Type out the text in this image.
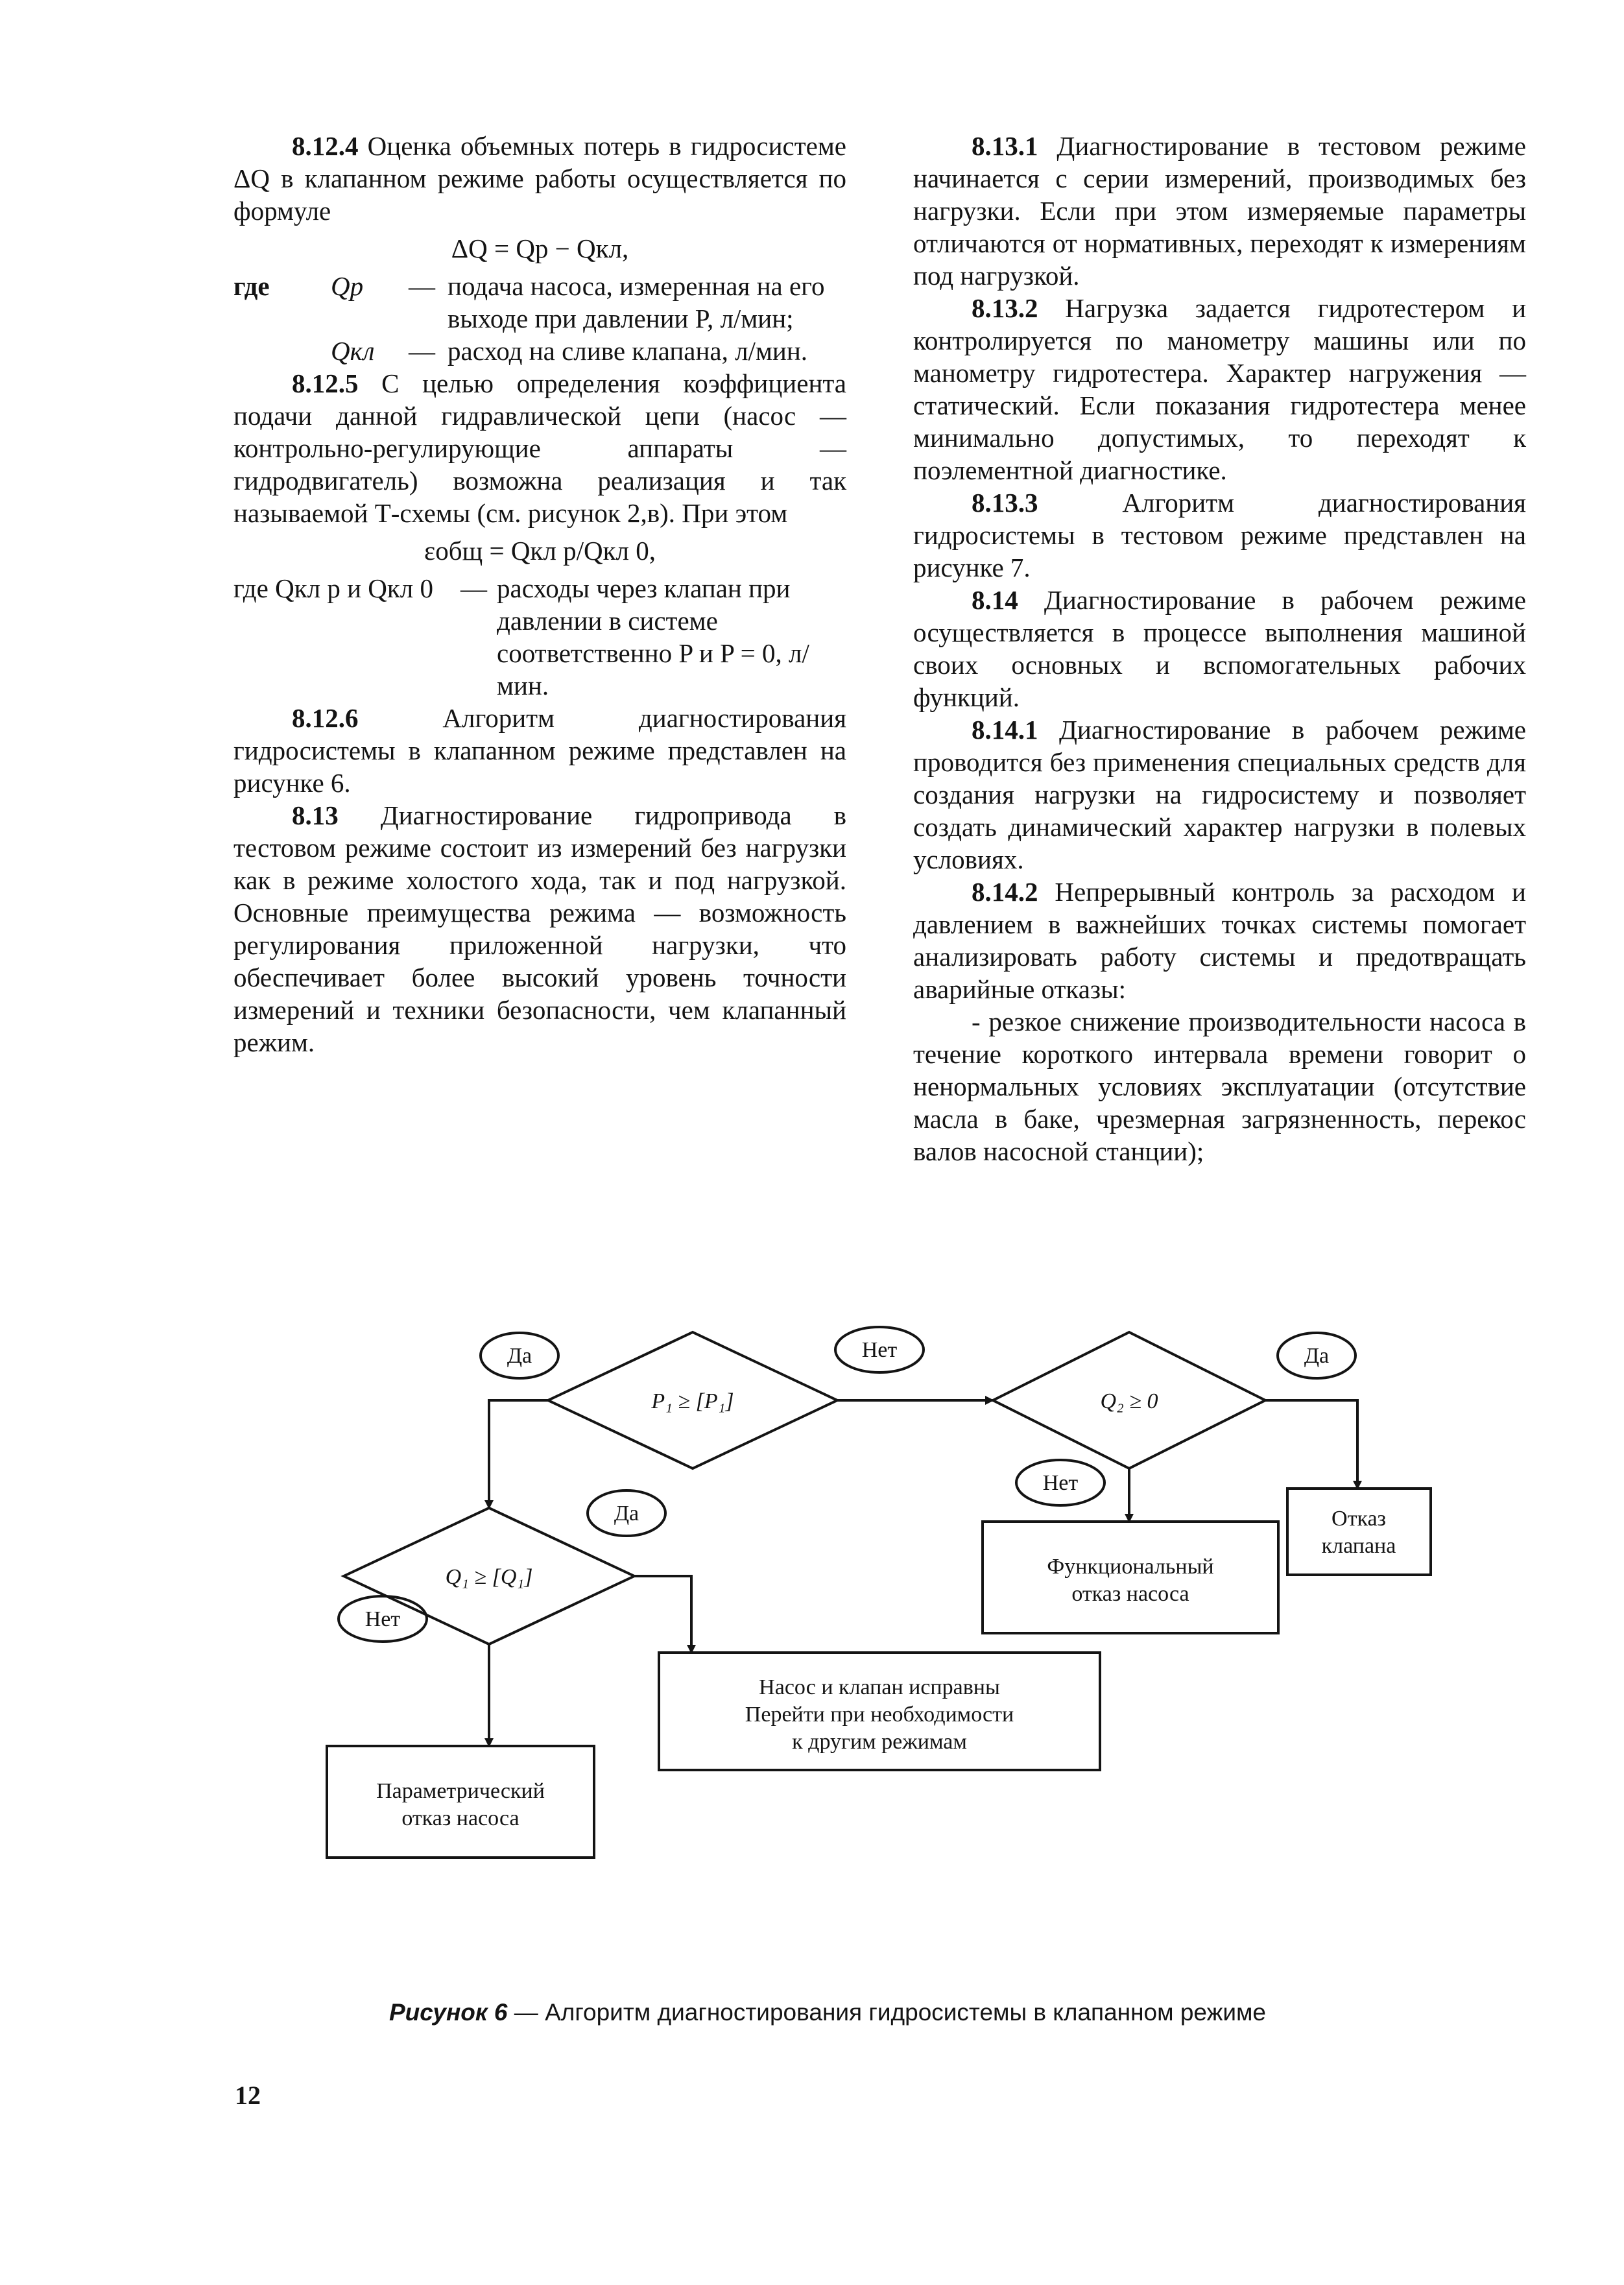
8.12.4 Оценка объемных потерь в гидросистеме ΔQ в клапанном режиме работы осуществляется по формуле

ΔQ = Qр − Qкл,
где	Qр	— подача насоса, измеренная на его выходе при давлении P, л/мин;
Qкл	— расход на сливе клапана, л/мин.

8.12.5 С целью определения коэффициента подачи данной гидравлической цепи (насос — контрольно-регулирующие аппараты — гидродвигатель) возможна реализация и так называемой Т-схемы (см. рисунок 2,в). При этом

εобщ = Qкл р/Qкл 0,
где Qкл р и Qкл 0	— расходы через клапан при давлении в системе соответственно P и P = 0, л/мин.

8.12.6	Алгоритм диагностирования гидросистемы в клапанном режиме представлен на рисунке 6.

8.13 Диагностирование гидропривода в тестовом режиме состоит из измерений без нагрузки как в режиме холостого хода, так и под нагрузкой. Основные преимущества режима — возможность регулирования приложенной нагрузки, что обеспечивает более высокий уровень точности измерений и техники безопасности, чем клапанный режим.

8.13.1 Диагностирование в тестовом режиме начинается с серии измерений, производимых без нагрузки. Если при этом измеряемые параметры отличаются от нормативных, переходят к измерениям под нагрузкой.

8.13.2 Нагрузка задается гидротестером и контролируется по манометру машины или по манометру гидротестера. Характер нагружения — статический. Если показания гидротестера менее минимально допустимых, то переходят к поэлементной диагностике.

8.13.3	Алгоритм диагностирования гидросистемы в тестовом режиме представлен на рисунке 7.

8.14 Диагностирование в рабочем режиме осуществляется в процессе выполнения машиной своих основных и вспомогательных рабочих функций.

8.14.1 Диагностирование в рабочем режиме проводится без применения специальных средств для создания нагрузки на гидросистему и позволяет создать динамический характер нагрузки в полевых условиях.

8.14.2 Непрерывный контроль за расходом и давлением в важнейших точках системы помогает анализировать работу системы и предотвращать аварийные отказы:

- резкое снижение производительности насоса в течение короткого интервала времени говорит о ненормальных условиях эксплуатации (отсутствие масла в баке, чрезмерная загрязненность, перекос валов насосной станции);

P₁ ≥ [P₁]	Q₂ ≥ 0
Q₁ ≥ [Q₁]
Да	Нет	Да
Нет
Да
Нет
Отказ
клапана
Функциональный
отказ насоса
Насос и клапан исправны
Перейти при необходимости
к другим режимам
Параметрический
отказ насоса
Рисунок 6 — Алгоритм диагностирования гидросистемы в клапанном режиме
12
